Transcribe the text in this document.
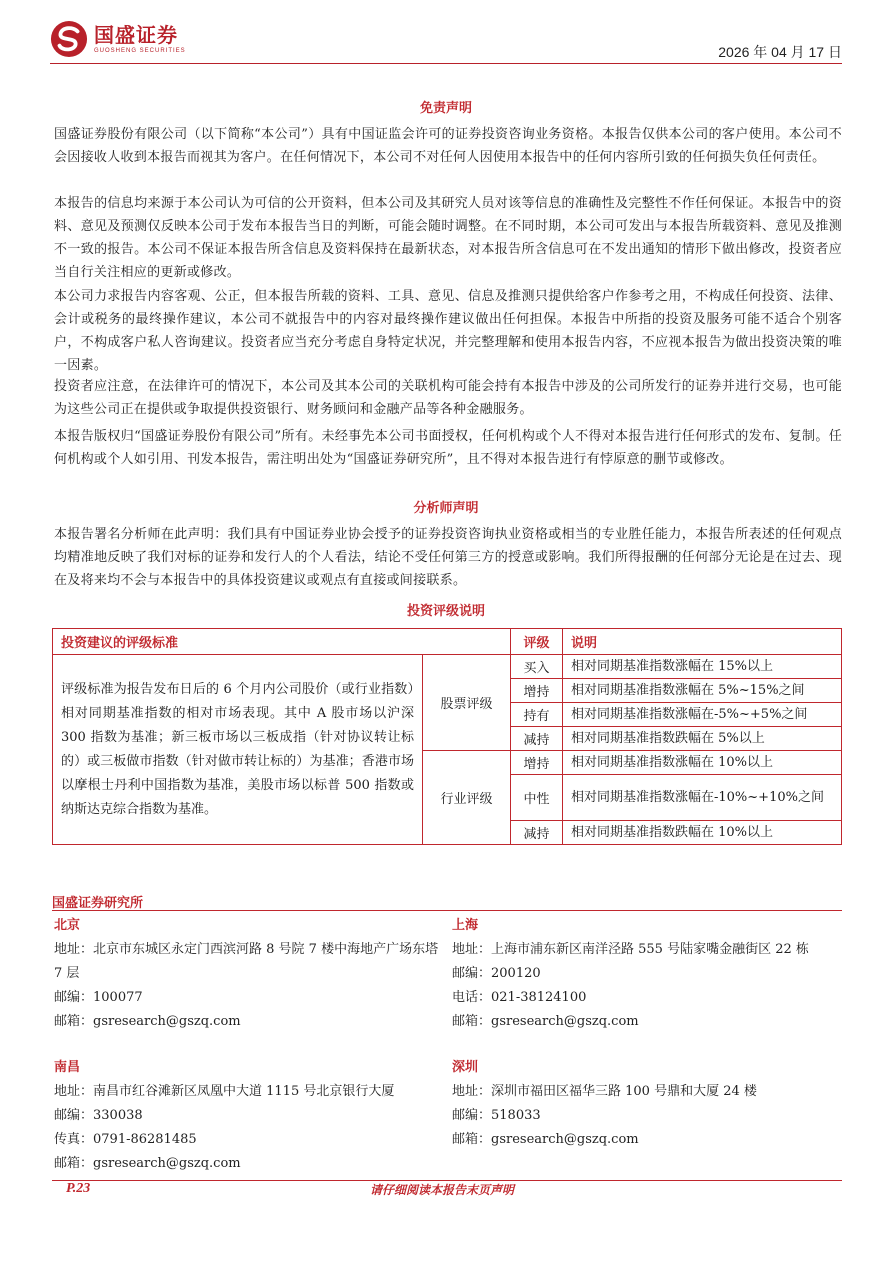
国盛证券
GUOSHENG SECURITIES	2026 年 04 月 17 日
免责声明

国盛证券股份有限公司（以下简称“本公司”）具有中国证监会许可的证券投资咨询业务资格。本报告仅供本公司的客户使用。本公司不会因接收人收到本报告而视其为客户。在任何情况下，本公司不对任何人因使用本报告中的任何内容所引致的任何损失负任何责任。

本报告的信息均来源于本公司认为可信的公开资料，但本公司及其研究人员对该等信息的准确性及完整性不作任何保证。本报告中的资料、意见及预测仅反映本公司于发布本报告当日的判断，可能会随时调整。在不同时期，本公司可发出与本报告所载资料、意见及推测不一致的报告。本公司不保证本报告所含信息及资料保持在最新状态，对本报告所含信息可在不发出通知的情形下做出修改，投资者应当自行关注相应的更新或修改。

本公司力求报告内容客观、公正，但本报告所载的资料、工具、意见、信息及推测只提供给客户作参考之用，不构成任何投资、法律、会计或税务的最终操作建议，本公司不就报告中的内容对最终操作建议做出任何担保。本报告中所指的投资及服务可能不适合个别客户，不构成客户私人咨询建议。投资者应当充分考虑自身特定状况，并完整理解和使用本报告内容，不应视本报告为做出投资决策的唯一因素。

投资者应注意，在法律许可的情况下，本公司及其本公司的关联机构可能会持有本报告中涉及的公司所发行的证券并进行交易，也可能为这些公司正在提供或争取提供投资银行、财务顾问和金融产品等各种金融服务。

本报告版权归“国盛证券股份有限公司”所有。未经事先本公司书面授权，任何机构或个人不得对本报告进行任何形式的发布、复制。任何机构或个人如引用、刊发本报告，需注明出处为“国盛证券研究所”，且不得对本报告进行有悖原意的删节或修改。

分析师声明

本报告署名分析师在此声明：我们具有中国证券业协会授予的证券投资咨询执业资格或相当的专业胜任能力，本报告所表述的任何观点均精准地反映了我们对标的证券和发行人的个人看法，结论不受任何第三方的授意或影响。我们所得报酬的任何部分无论是在过去、现在及将来均不会与本报告中的具体投资建议或观点有直接或间接联系。

投资评级说明
投资建议的评级标准		评级	说明
评级标准为报告发布日后的 6 个月内公司股价（或行业指数）相对同期基准指数的相对市场表现。其中 A 股市场以沪深 300 指数为基准；新三板市场以三板成指（针对协议转让标的）或三板做市指数（针对做市转让标的）为基准；香港市场以摩根士丹利中国指数为基准，美股市场以标普 500 指数或纳斯达克综合指数为基准。	股票评级	买入	相对同期基准指数涨幅在 15%以上
		增持	相对同期基准指数涨幅在 5%~15%之间
		持有	相对同期基准指数涨幅在-5%~+5%之间
		减持	相对同期基准指数跌幅在 5%以上
	行业评级	增持	相对同期基准指数涨幅在 10%以上
		中性	相对同期基准指数涨幅在-10%~+10%之间
		减持	相对同期基准指数跌幅在 10%以上
国盛证券研究所
北京
地址：北京市东城区永定门西滨河路 8 号院 7 楼中海地产广场东塔 7 层
邮编：100077
邮箱：gsresearch@gszq.com
上海
地址：上海市浦东新区南洋泾路 555 号陆家嘴金融街区 22 栋
邮编：200120
电话：021-38124100
邮箱：gsresearch@gszq.com
南昌
地址：南昌市红谷滩新区凤凰中大道 1115 号北京银行大厦
邮编：330038
传真：0791-86281485
邮箱：gsresearch@gszq.com
深圳
地址：深圳市福田区福华三路 100 号鼎和大厦 24 楼
邮编：518033
邮箱：gsresearch@gszq.com
P.23	请仔细阅读本报告末页声明
